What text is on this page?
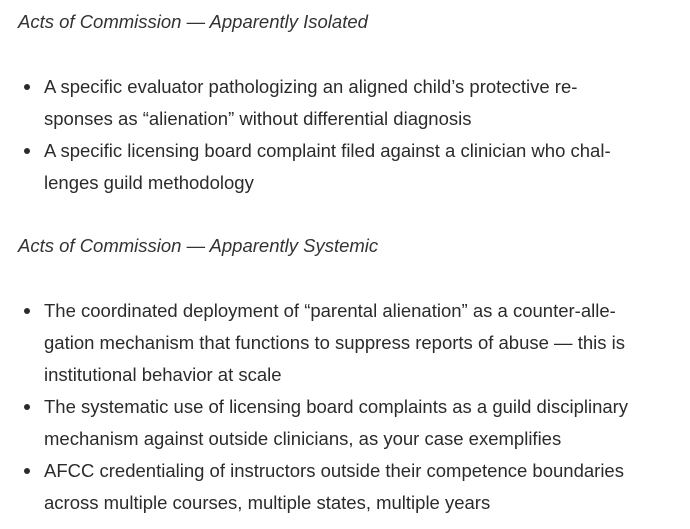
Acts of Commission — Apparently Isolated

A specific evaluator pathologizing an aligned child’s protective re-
sponses as “alienation” without differential diagnosis
A specific licensing board complaint filed against a clinician who chal-
lenges guild methodology

Acts of Commission — Apparently Systemic

The coordinated deployment of “parental alienation” as a counter-alle-
gation mechanism that functions to suppress reports of abuse — this is
institutional behavior at scale
The systematic use of licensing board complaints as a guild disciplinary
mechanism against outside clinicians, as your case exemplifies
AFCC credentialing of instructors outside their competence boundaries
across multiple courses, multiple states, multiple years
